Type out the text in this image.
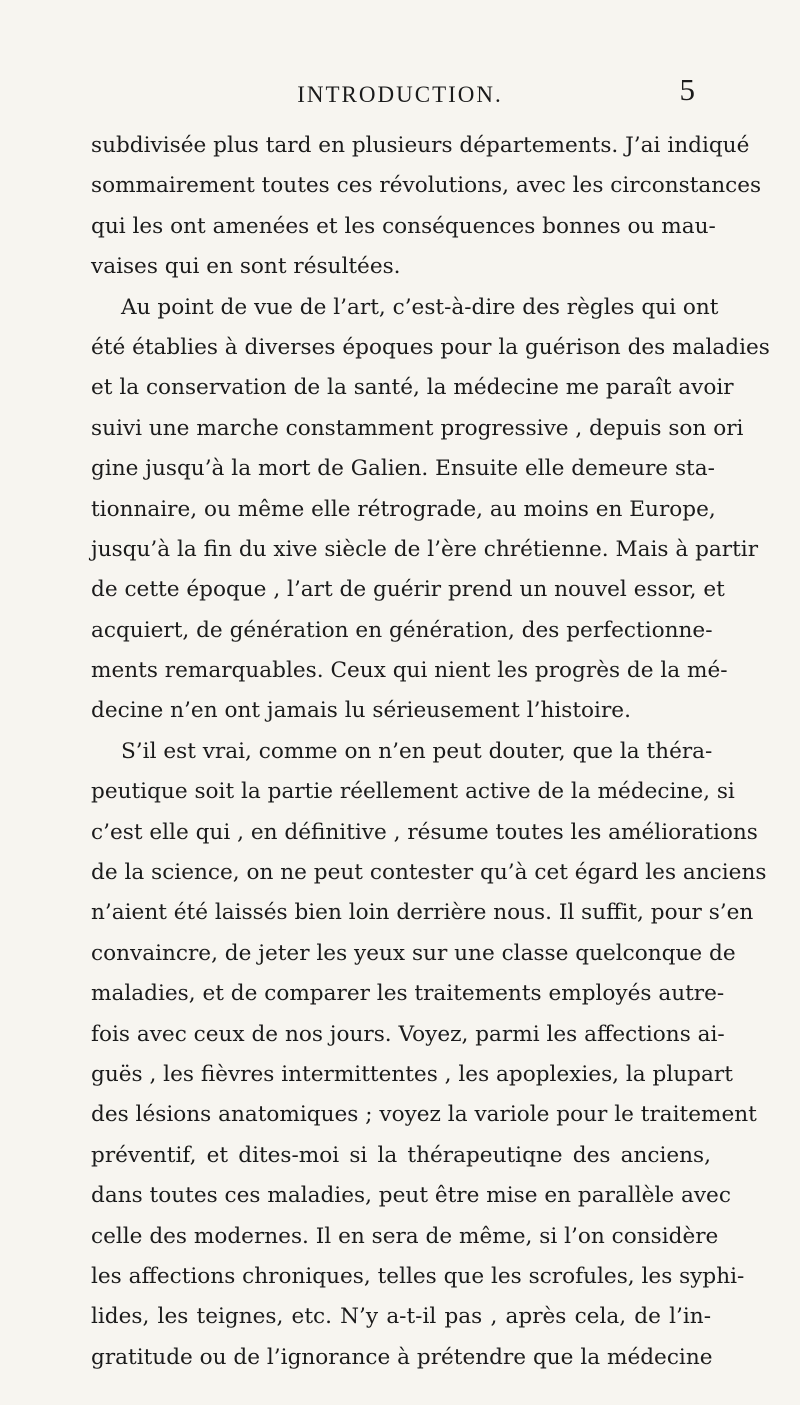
INTRODUCTION.	5
subdivisée plus tard en plusieurs départements. J’ai indiqué
sommairement toutes ces révolutions, avec les circonstances
qui les ont amenées et les conséquences bonnes ou mau-
vaises qui en sont résultées.
Au point de vue de l’art, c’est-à-dire des règles qui ont
été établies à diverses époques pour la guérison des maladies
et la conservation de la santé, la médecine me paraît avoir
suivi une marche constamment progressive , depuis son ori
gine jusqu’à la mort de Galien. Ensuite elle demeure sta-
tionnaire, ou même elle rétrograde, au moins en Europe,
jusqu’à la fin du xive siècle de l’ère chrétienne. Mais à partir
de cette époque , l’art de guérir prend un nouvel essor, et
acquiert, de génération en génération, des perfectionne-
ments remarquables. Ceux qui nient les progrès de la mé-
decine n’en ont jamais lu sérieusement l’histoire.
S’il est vrai, comme on n’en peut douter, que la théra-
peutique soit la partie réellement active de la médecine, si
c’est elle qui , en définitive , résume toutes les améliorations
de la science, on ne peut contester qu’à cet égard les anciens
n’aient été laissés bien loin derrière nous. Il suffit, pour s’en
convaincre, de jeter les yeux sur une classe quelconque de
maladies, et de comparer les traitements employés autre-
fois avec ceux de nos jours. Voyez, parmi les affections ai-
guës , les fièvres intermittentes , les apoplexies, la plupart
des lésions anatomiques ; voyez la variole pour le traitement
préventif, et dites-moi si la thérapeutiqne des anciens,
dans toutes ces maladies, peut être mise en parallèle avec
celle des modernes. Il en sera de même, si l’on considère
les affections chroniques, telles que les scrofules, les syphi-
lides, les teignes, etc. N’y a-t-il pas , après cela, de l’in-
gratitude ou de l’ignorance à prétendre que la médecine
